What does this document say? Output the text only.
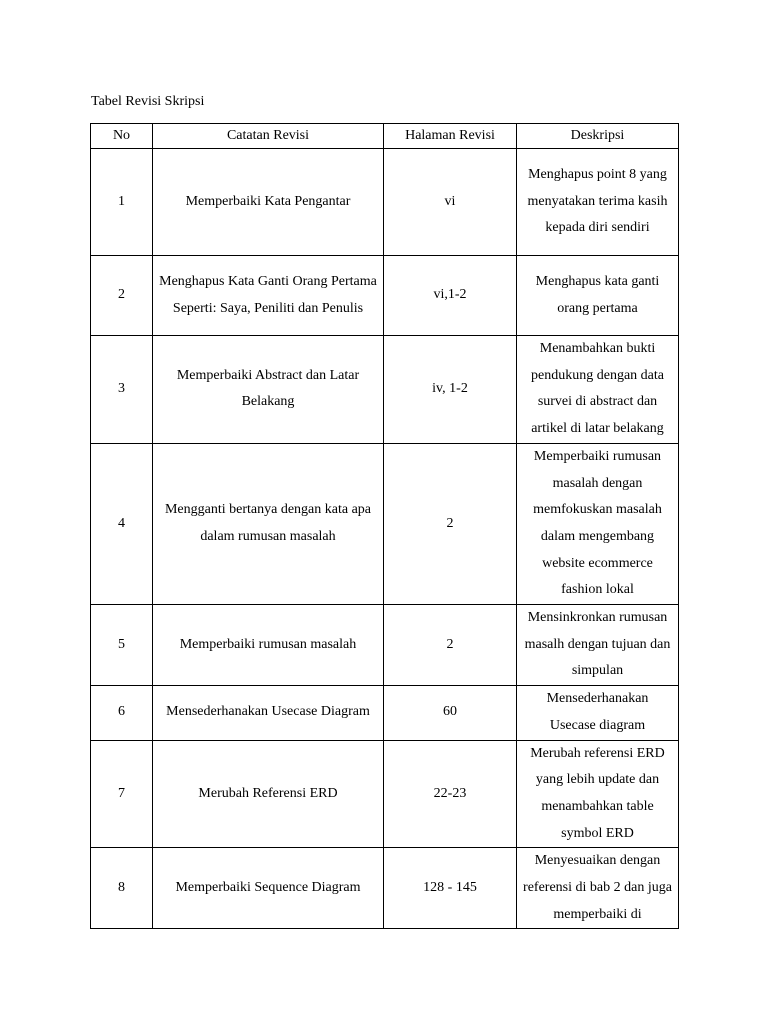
Tabel Revisi Skripsi
No	Catatan Revisi	Halaman Revisi	Deskripsi
1	Memperbaiki Kata Pengantar	vi	Menghapus point 8 yang menyatakan terima kasih kepada diri sendiri
2	Menghapus Kata Ganti Orang Pertama Seperti: Saya, Peniliti dan Penulis	vi,1-2	Menghapus kata ganti orang pertama
3	Memperbaiki Abstract dan Latar Belakang	iv, 1-2	Menambahkan bukti pendukung dengan data survei di abstract dan artikel di latar belakang
4	Mengganti bertanya dengan kata apa dalam rumusan masalah	2	Memperbaiki rumusan masalah dengan memfokuskan masalah dalam mengembang website ecommerce fashion lokal
5	Memperbaiki rumusan masalah	2	Mensinkronkan rumusan masalh dengan tujuan dan simpulan
6	Mensederhanakan Usecase Diagram	60	Mensederhanakan Usecase diagram
7	Merubah Referensi ERD	22-23	Merubah referensi ERD yang lebih update dan menambahkan table symbol ERD
8	Memperbaiki Sequence Diagram	128 - 145	Menyesuaikan dengan referensi di bab 2 dan juga memperbaiki di
